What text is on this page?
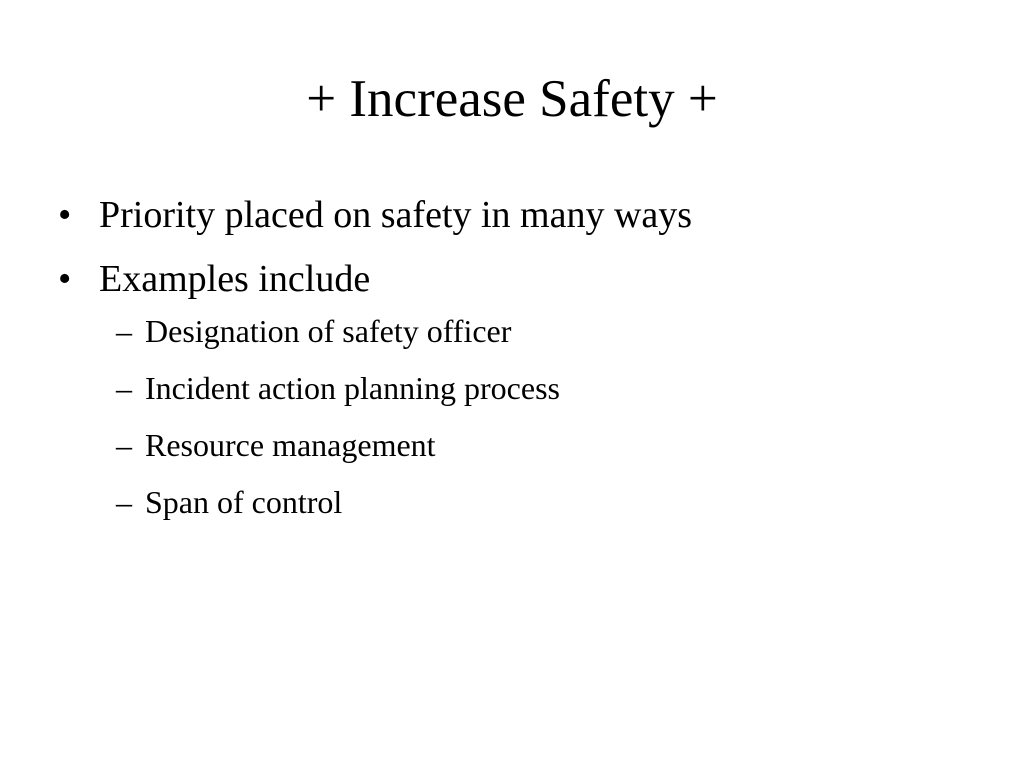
+ Increase Safety +
• Priority placed on safety in many ways
• Examples include
– Designation of safety officer
– Incident action planning process
– Resource management
– Span of control
